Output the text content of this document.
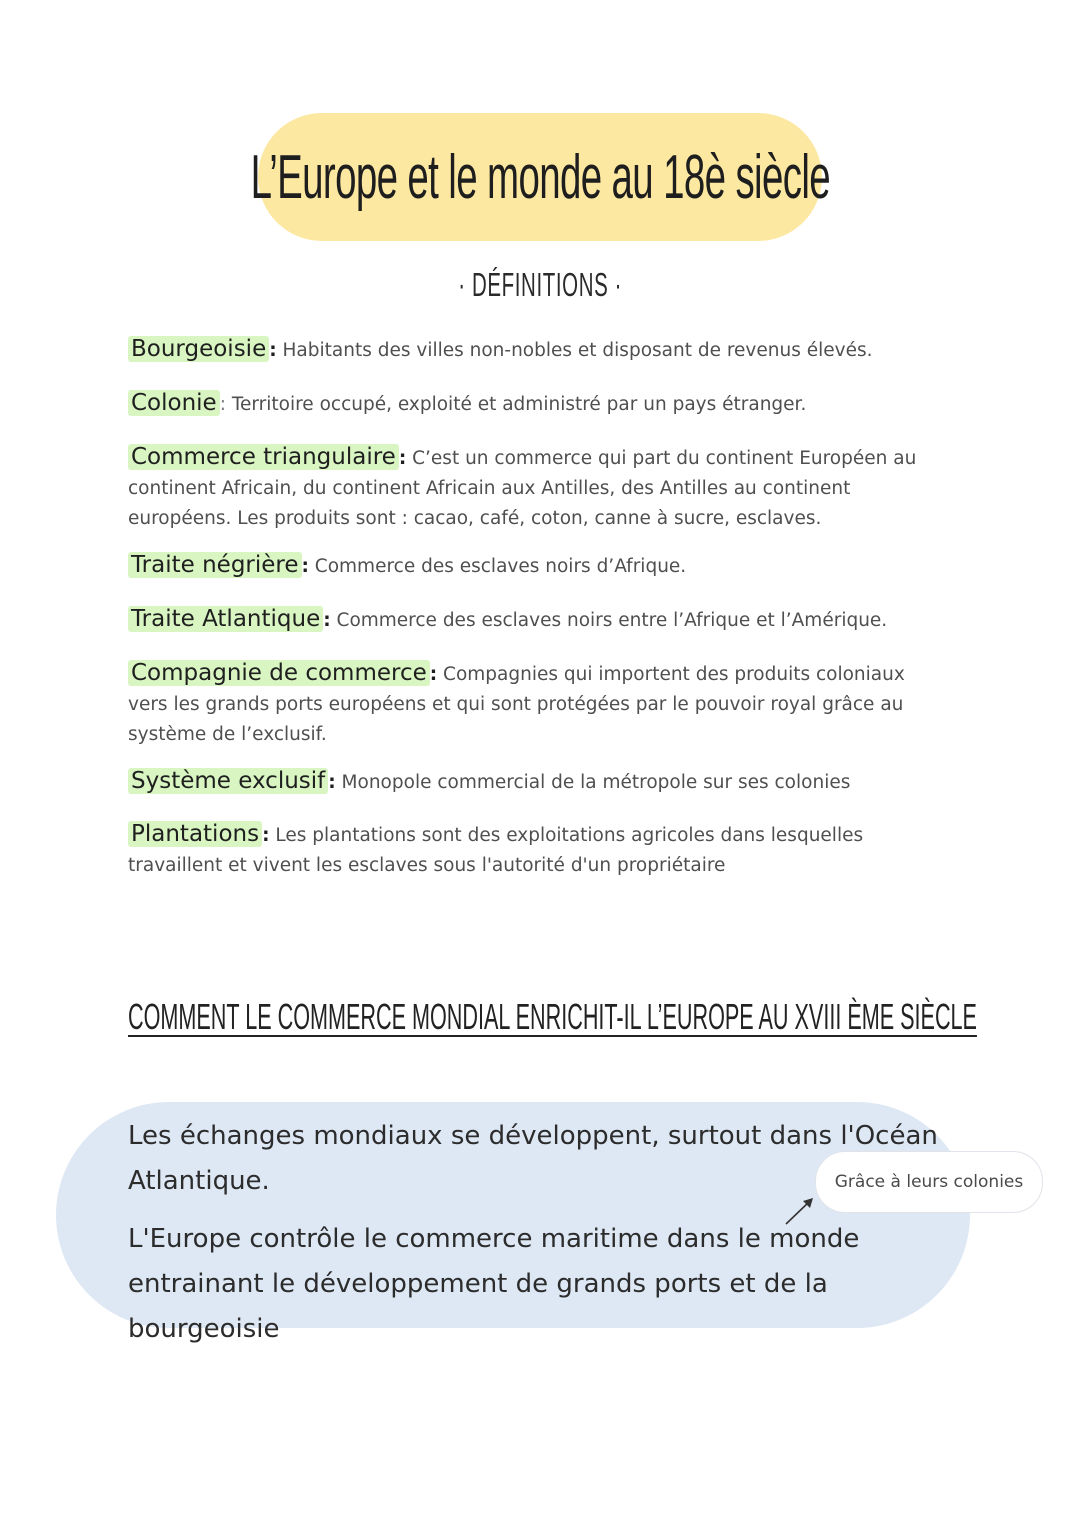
L’Europe et le monde au 18è siècle
· DÉFINITIONS ·
Bourgeoisie : Habitants des villes non-nobles et disposant de revenus élevés.
Colonie : Territoire occupé, exploité et administré par un pays étranger.
Commerce triangulaire : C’est un commerce qui part du continent Européen au continent Africain, du continent Africain aux Antilles, des Antilles au continent européens. Les produits sont : cacao, café, coton, canne à sucre, esclaves.
Traite négrière : Commerce des esclaves noirs d’Afrique.
Traite Atlantique : Commerce des esclaves noirs entre l’Afrique et l’Amérique.
Compagnie de commerce : Compagnies qui importent des produits coloniaux vers les grands ports européens et qui sont protégées par le pouvoir royal grâce au système de l’exclusif.
Système exclusif : Monopole commercial de la métropole sur ses colonies
Plantations : Les plantations sont des exploitations agricoles dans lesquelles travaillent et vivent les esclaves sous l'autorité d'un propriétaire
COMMENT LE COMMERCE MONDIAL ENRICHIT-IL L’EUROPE AU XVIII ÈME SIÈCLE
Les échanges mondiaux se développent, surtout dans l'Océan Atlantique.
L'Europe contrôle le commerce maritime dans le monde entrainant le développement de grands ports et de la bourgeoisie
Grâce à leurs colonies
